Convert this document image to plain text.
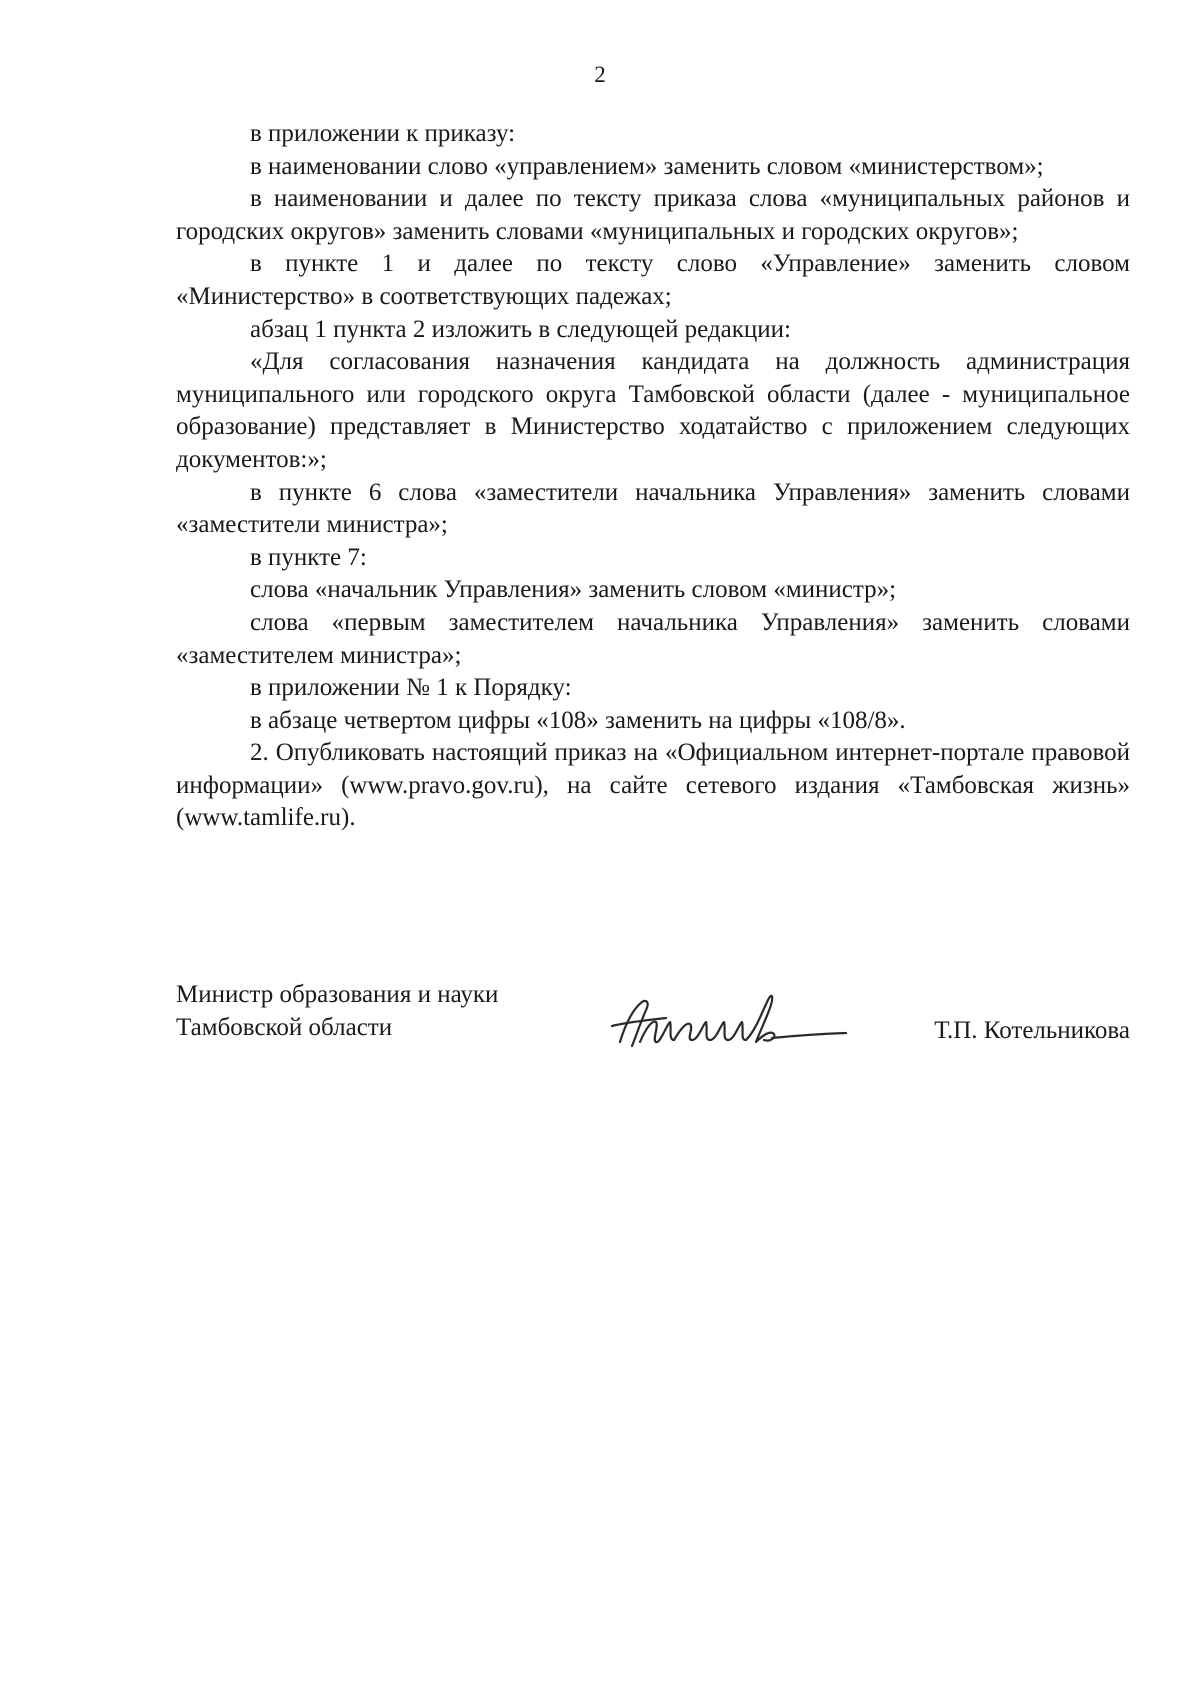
2

в приложении к приказу:

в наименовании слово «управлением» заменить словом «министерством»;

в наименовании и далее по тексту приказа слова «муниципальных районов и городских округов» заменить словами «муниципальных и городских округов»;

в пункте 1 и далее по тексту слово «Управление» заменить словом «Министерство» в соответствующих падежах;

абзац 1 пункта 2 изложить в следующей редакции:

«Для согласования назначения кандидата на должность администрация муниципального или городского округа Тамбовской области (далее - муниципальное образование) представляет в Министерство ходатайство с приложением следующих документов:»;

в пункте 6 слова «заместители начальника Управления» заменить словами «заместители министра»;

в пункте 7:

слова «начальник Управления» заменить словом «министр»;

слова «первым заместителем начальника Управления» заменить словами «заместителем министра»;

в приложении № 1 к Порядку:

в абзаце четвертом цифры «108» заменить на цифры «108/8».

2. Опубликовать настоящий приказ на «Официальном интернет-портале правовой информации» (www.pravo.gov.ru), на сайте сетевого издания «Тамбовская жизнь» (www.tamlife.ru).

Министр образования и науки
Тамбовской области	Т.П. Котельникова
